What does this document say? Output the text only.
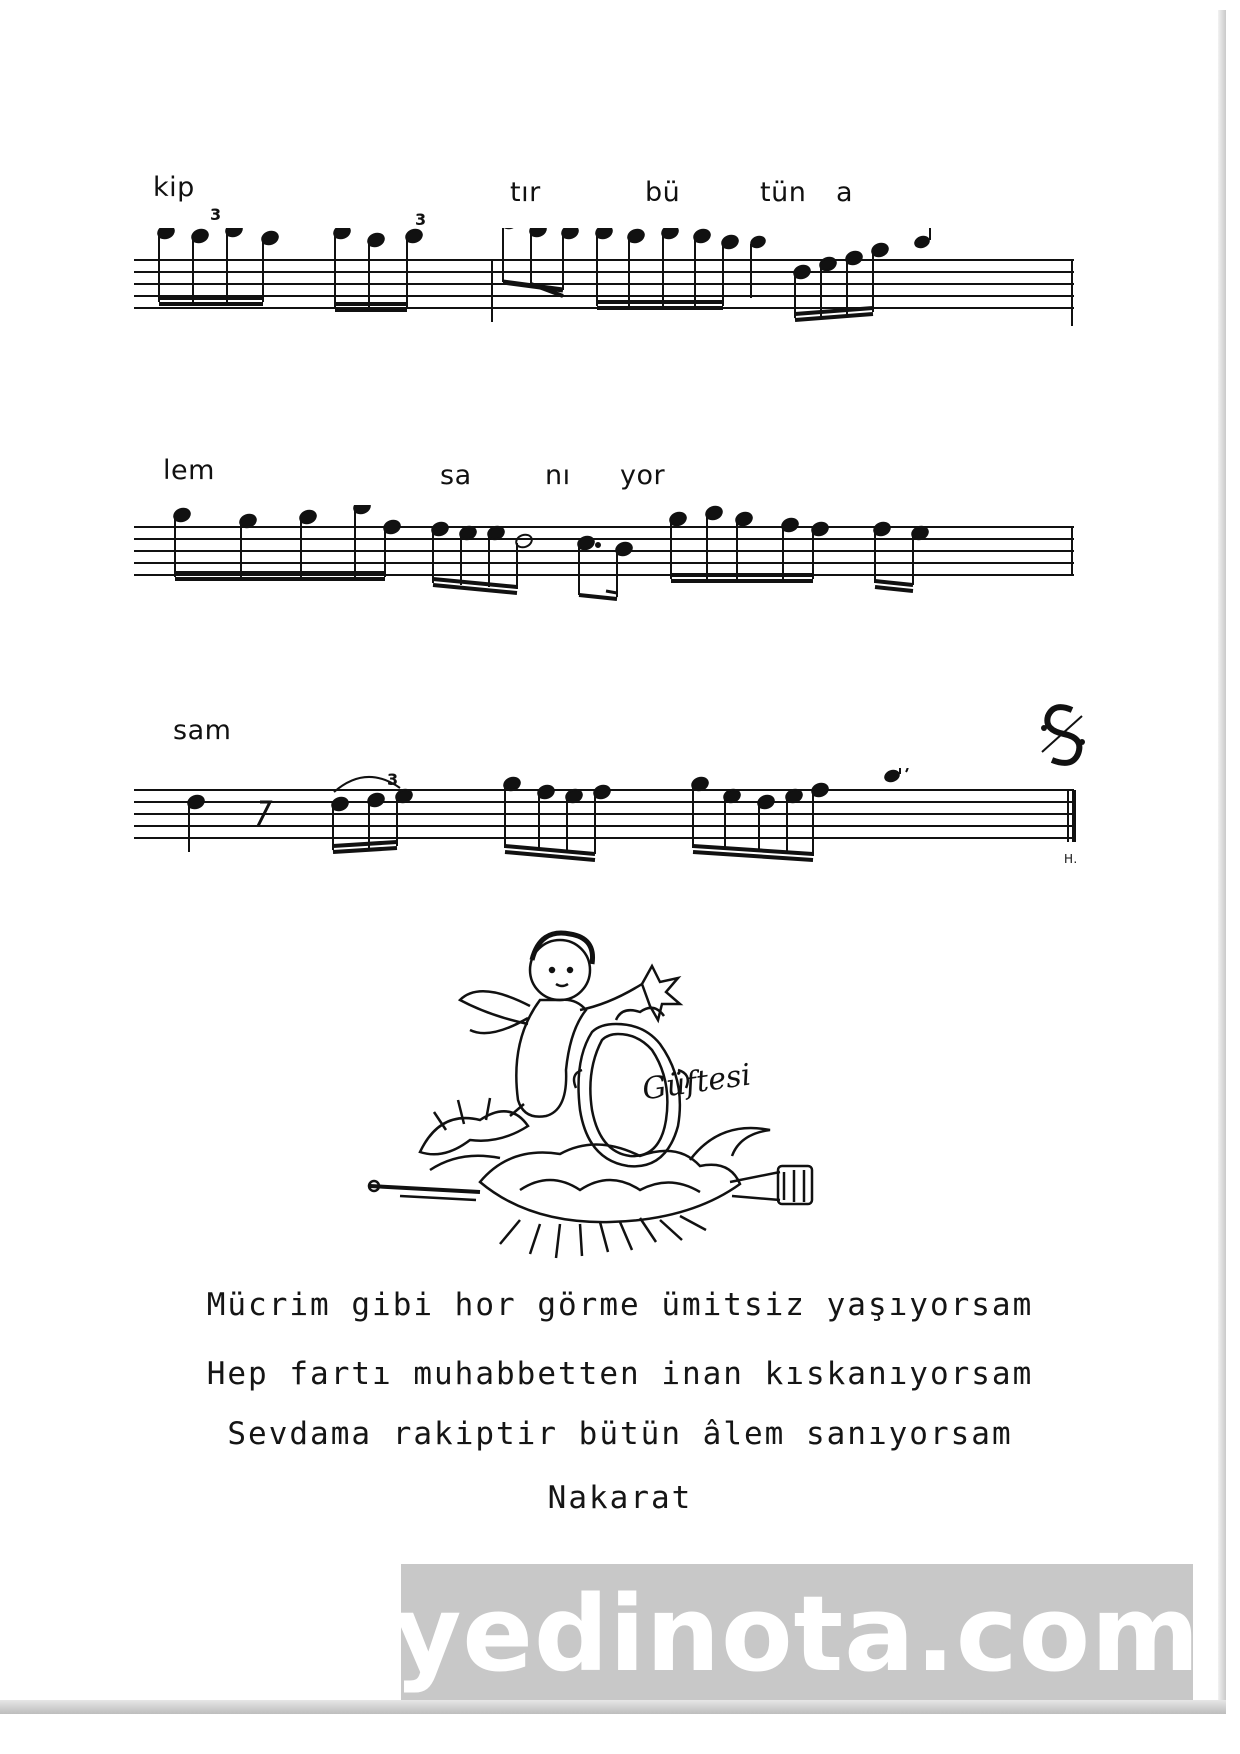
kip	tır	bü	tün a
3	3
lem	sa	nı yor
sam
3
H.
Güftesi
Mücrim gibi hor görme ümitsiz yaşıyorsam
Hep fartı muhabbetten inan kıskanıyorsam
Sevdama rakiptir bütün âlem sanıyorsam
Nakarat
yedinota.com
